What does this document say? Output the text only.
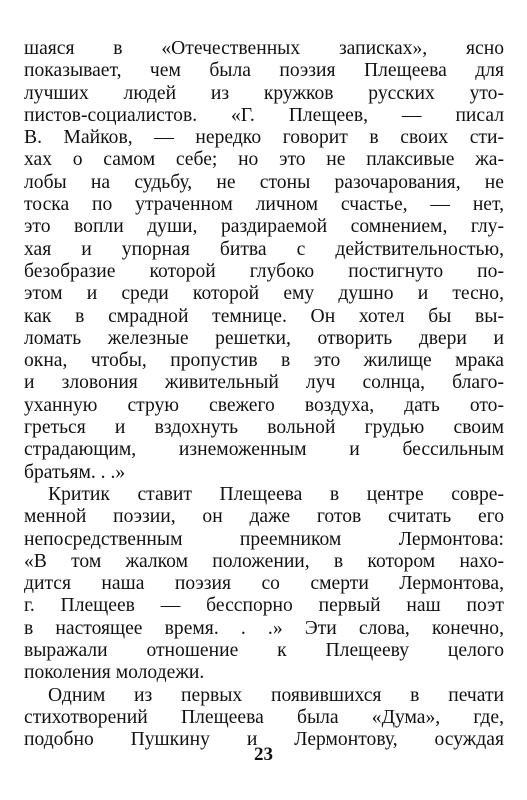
шаяся в «Отечественных записках», ясно
показывает, чем была поэзия Плещеева для
лучших людей из кружков русских уто-
пистов-социалистов. «Г. Плещеев, — писал
В. Майков, — нередко говорит в своих сти-
хах о самом себе; но это не плаксивые жа-
лобы на судьбу, не стоны разочарования, не
тоска по утраченном личном счастье, — нет,
это вопли души, раздираемой сомнением, глу-
хая и упорная битва с действительностью,
безобразие которой глубоко постигнуто по-
этом и среди которой ему душно и тесно,
как в смрадной темнице. Он хотел бы вы-
ломать железные решетки, отворить двери и
окна, чтобы, пропустив в это жилище мрака
и зловония живительный луч солнца, благо-
уханную струю свежего воздуха, дать ото-
греться и вздохнуть вольной грудью своим
страдающим, изнеможенным и бессильным
братьям. . .»
Критик ставит Плещеева в центре совре-
менной поэзии, он даже готов считать его
непосредственным преемником Лермонтова:
«В том жалком положении, в котором нахо-
дится наша поэзия со смерти Лермонтова,
г. Плещеев — бесспорно первый наш поэт
в настоящее время. . .» Эти слова, конечно,
выражали отношение к Плещееву целого
поколения молодежи.
Одним из первых появившихся в печати
стихотворений Плещеева была «Дума», где,
подобно Пушкину и Лермонтову, осуждая
23
